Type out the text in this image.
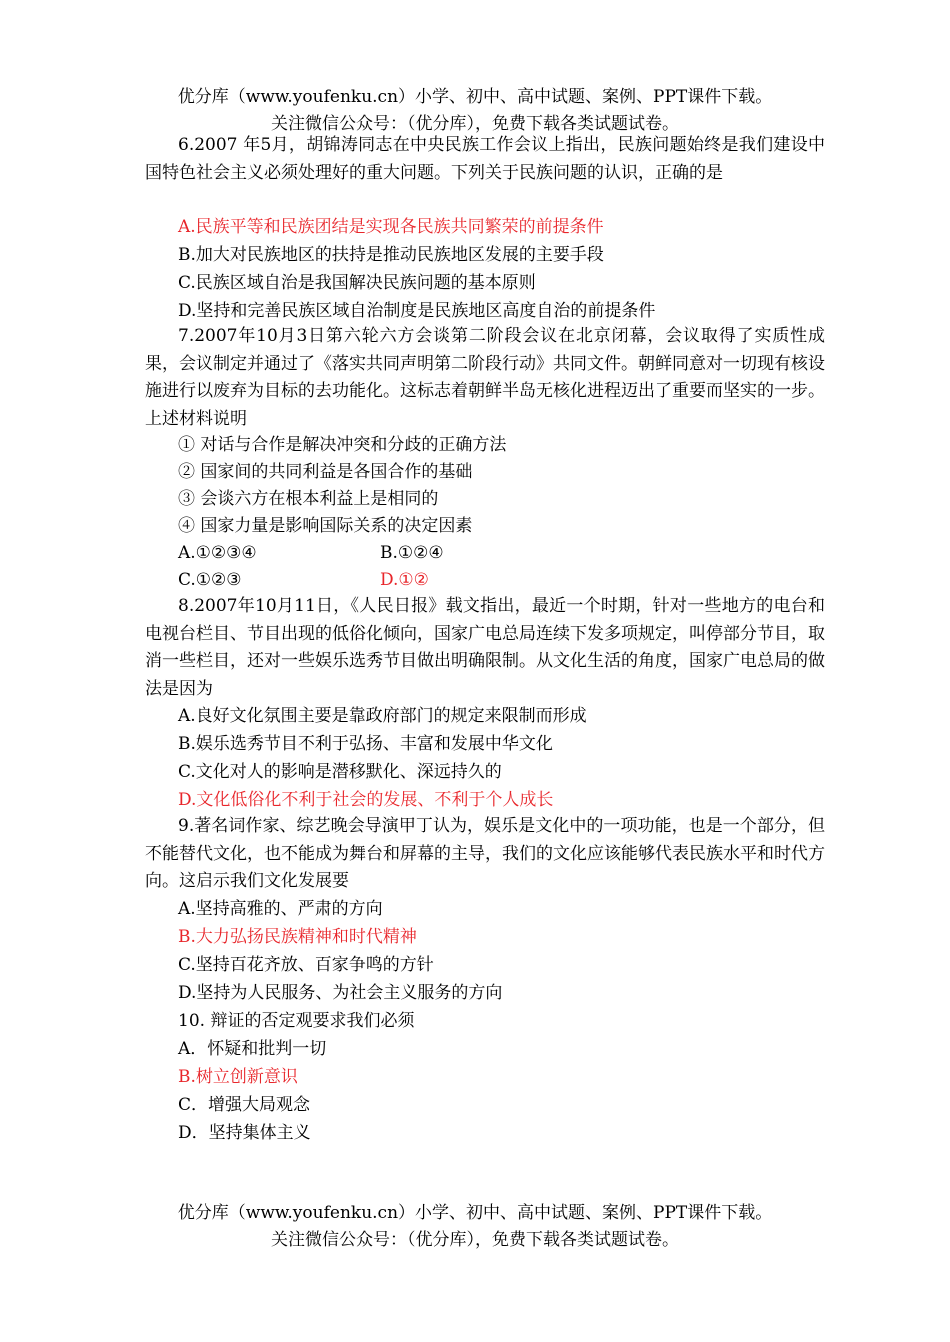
优分库（www.youfenku.cn）小学、初中、高中试题、案例、PPT课件下载。
关注微信公众号：（优分库），免费下载各类试题试卷。
6.2007 年5月，胡锦涛同志在中央民族工作会议上指出，民族问题始终是我们建设中国特色社会主义必须处理好的重大问题。下列关于民族问题的认识，正确的是
A.民族平等和民族团结是实现各民族共同繁荣的前提条件
B.加大对民族地区的扶持是推动民族地区发展的主要手段
C.民族区域自治是我国解决民族问题的基本原则
D.坚持和完善民族区域自治制度是民族地区高度自治的前提条件
7.2007年10月3日第六轮六方会谈第二阶段会议在北京闭幕，会议取得了实质性成果，会议制定并通过了《落实共同声明第二阶段行动》共同文件。朝鲜同意对一切现有核设施进行以废弃为目标的去功能化。这标志着朝鲜半岛无核化进程迈出了重要而坚实的一步。上述材料说明
① 对话与合作是解决冲突和分歧的正确方法
② 国家间的共同利益是各国合作的基础
③ 会谈六方在根本利益上是相同的
④ 国家力量是影响国际关系的决定因素
A.①②③④	B.①②④
C.①②③	D.①②
8.2007年10月11日，《人民日报》载文指出，最近一个时期，针对一些地方的电台和电视台栏目、节目出现的低俗化倾向，国家广电总局连续下发多项规定，叫停部分节目，取消一些栏目，还对一些娱乐选秀节目做出明确限制。从文化生活的角度，国家广电总局的做法是因为
A.良好文化氛围主要是靠政府部门的规定来限制而形成
B.娱乐选秀节目不利于弘扬、丰富和发展中华文化
C.文化对人的影响是潜移默化、深远持久的
D.文化低俗化不利于社会的发展、不利于个人成长
9.著名词作家、综艺晚会导演甲丁认为，娱乐是文化中的一项功能，也是一个部分，但不能替代文化，也不能成为舞台和屏幕的主导，我们的文化应该能够代表民族水平和时代方向。这启示我们文化发展要
A.坚持高雅的、严肃的方向
B.大力弘扬民族精神和时代精神
C.坚持百花齐放、百家争鸣的方针
D.坚持为人民服务、为社会主义服务的方向
10. 辩证的否定观要求我们必须
A．怀疑和批判一切
B.树立创新意识
C．增强大局观念
D．坚持集体主义
优分库（www.youfenku.cn）小学、初中、高中试题、案例、PPT课件下载。
关注微信公众号：（优分库），免费下载各类试题试卷。
